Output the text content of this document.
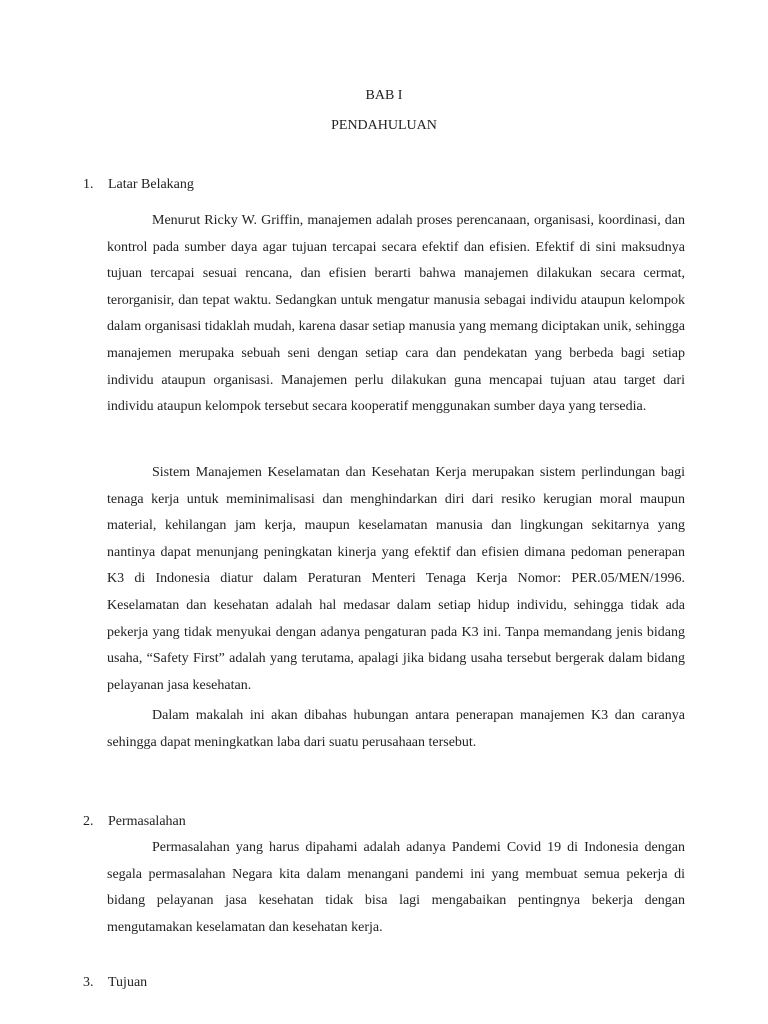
BAB I
PENDAHULUAN
1. Latar Belakang

Menurut Ricky W. Griffin, manajemen adalah proses perencanaan, organisasi, koordinasi, dan kontrol pada sumber daya agar tujuan tercapai secara efektif dan efisien. Efektif di sini maksudnya tujuan tercapai sesuai rencana, dan efisien berarti bahwa manajemen dilakukan secara cermat, terorganisir, dan tepat waktu. Sedangkan untuk mengatur manusia sebagai individu ataupun kelompok dalam organisasi tidaklah mudah, karena dasar setiap manusia yang memang diciptakan unik, sehingga manajemen merupaka sebuah seni dengan setiap cara dan pendekatan yang berbeda bagi setiap individu ataupun organisasi. Manajemen perlu dilakukan guna mencapai tujuan atau target dari individu ataupun kelompok tersebut secara kooperatif menggunakan sumber daya yang tersedia.

Sistem Manajemen Keselamatan dan Kesehatan Kerja merupakan sistem perlindungan bagi tenaga kerja untuk meminimalisasi dan menghindarkan diri dari resiko kerugian moral maupun material, kehilangan jam kerja, maupun keselamatan manusia dan lingkungan sekitarnya yang nantinya dapat menunjang peningkatan kinerja yang efektif dan efisien dimana pedoman penerapan K3 di Indonesia diatur dalam Peraturan Menteri Tenaga Kerja Nomor: PER.05/MEN/1996. Keselamatan dan kesehatan adalah hal medasar dalam setiap hidup individu, sehingga tidak ada pekerja yang tidak menyukai dengan adanya pengaturan pada K3 ini. Tanpa memandang jenis bidang usaha, “Safety First” adalah yang terutama, apalagi jika bidang usaha tersebut bergerak dalam bidang pelayanan jasa kesehatan.

Dalam makalah ini akan dibahas hubungan antara penerapan manajemen K3 dan caranya sehingga dapat meningkatkan laba dari suatu perusahaan tersebut.

2. Permasalahan

Permasalahan yang harus dipahami adalah adanya Pandemi Covid 19 di Indonesia dengan segala permasalahan Negara kita dalam menangani pandemi ini yang membuat semua pekerja di bidang pelayanan jasa kesehatan tidak bisa lagi mengabaikan pentingnya bekerja dengan mengutamakan keselamatan dan kesehatan kerja.

3. Tujuan
